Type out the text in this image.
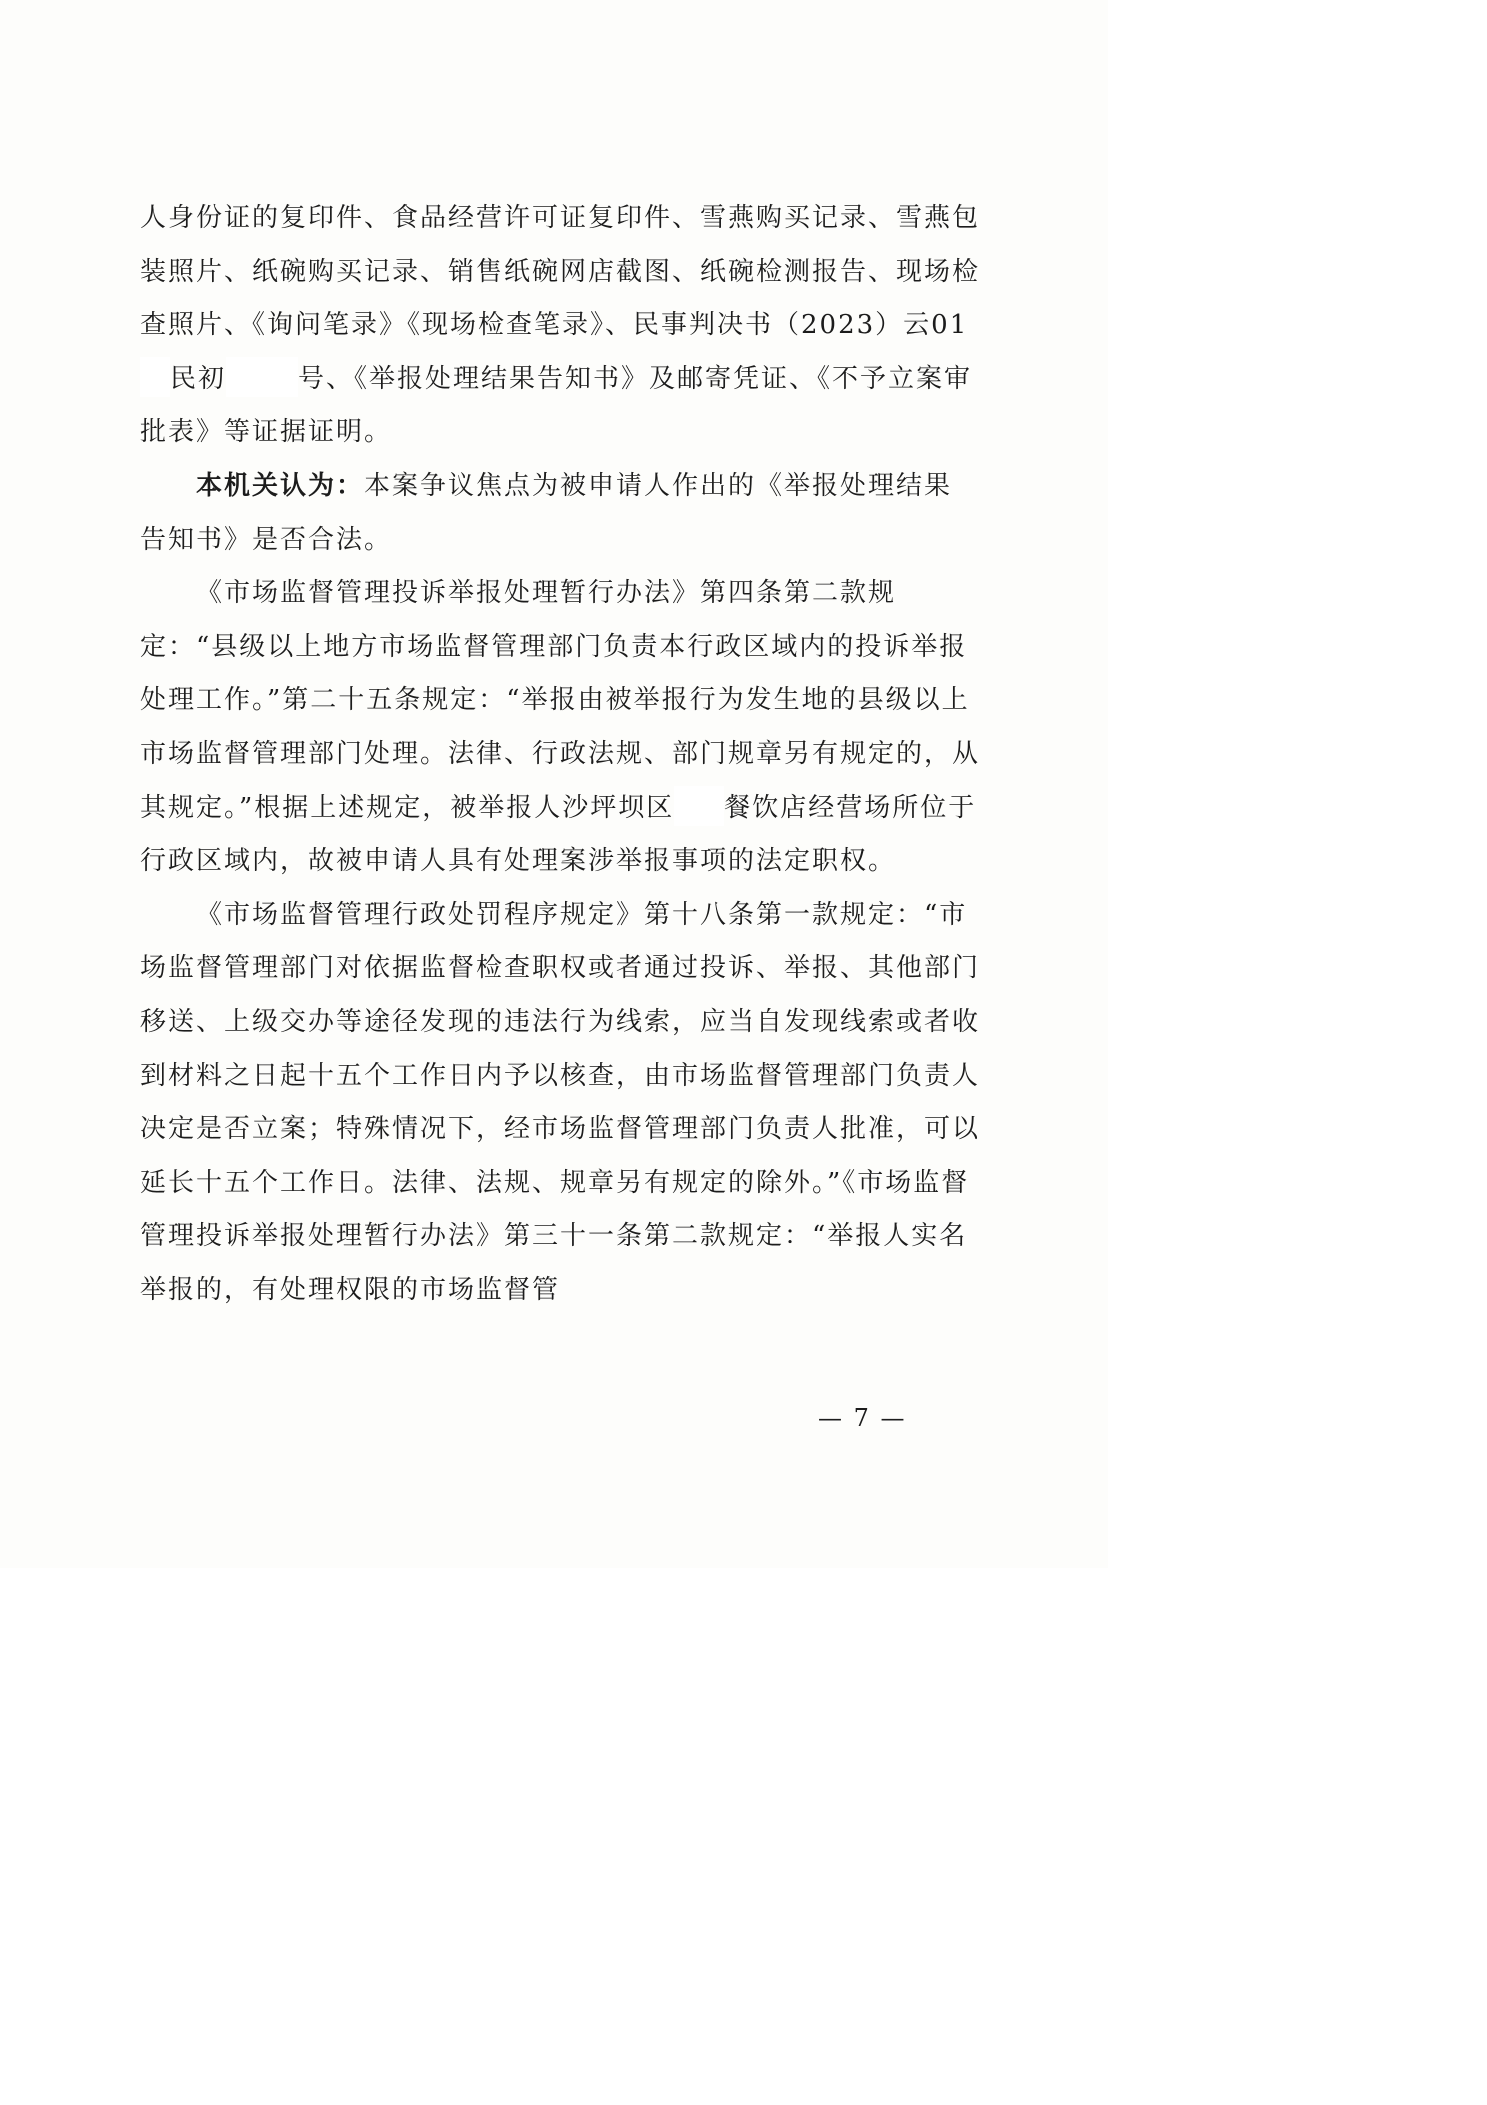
人身份证的复印件、食品经营许可证复印件、雪燕购买记录、雪燕包装照片、纸碗购买记录、销售纸碗网店截图、纸碗检测报告、现场检查照片、《询问笔录》《现场检查笔录》、民事判决书（2023）云01民初	号、《举报处理结果告知书》及邮寄凭证、《不予立案审批表》等证据证明。

本机关认为：本案争议焦点为被申请人作出的《举报处理结果告知书》是否合法。

《市场监督管理投诉举报处理暂行办法》第四条第二款规定：“县级以上地方市场监督管理部门负责本行政区域内的投诉举报处理工作。”第二十五条规定：“举报由被举报行为发生地的县级以上市场监督管理部门处理。法律、行政法规、部门规章另有规定的，从其规定。”根据上述规定，被举报人沙坪坝区 餐饮店经营场所位于行政区域内，故被申请人具有处理案涉举报事项的法定职权。

《市场监督管理行政处罚程序规定》第十八条第一款规定：“市场监督管理部门对依据监督检查职权或者通过投诉、举报、其他部门移送、上级交办等途径发现的违法行为线索，应当自发现线索或者收到材料之日起十五个工作日内予以核查，由市场监督管理部门负责人决定是否立案；特殊情况下，经市场监督管理部门负责人批准，可以延长十五个工作日。法律、法规、规章另有规定的除外。”《市场监督管理投诉举报处理暂行办法》第三十一条第二款规定：“举报人实名举报的，有处理权限的市场监督管

— 7 —
